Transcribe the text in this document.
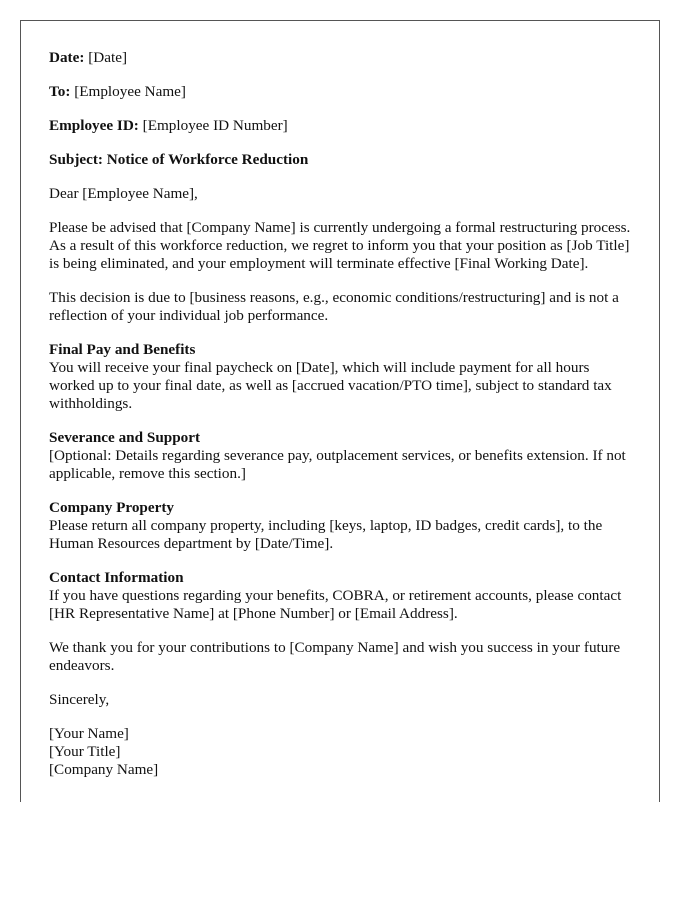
Date: [Date]

To: [Employee Name]

Employee ID: [Employee ID Number]

Subject: Notice of Workforce Reduction

Dear [Employee Name],

Please be advised that [Company Name] is currently undergoing a formal restructuring process. As a result of this workforce reduction, we regret to inform you that your position as [Job Title] is being eliminated, and your employment will terminate effective [Final Working Date].

This decision is due to [business reasons, e.g., economic conditions/restructuring] and is not a reflection of your individual job performance.

Final Pay and Benefits
You will receive your final paycheck on [Date], which will include payment for all hours worked up to your final date, as well as [accrued vacation/PTO time], subject to standard tax withholdings.

Severance and Support
[Optional: Details regarding severance pay, outplacement services, or benefits extension. If not applicable, remove this section.]

Company Property
Please return all company property, including [keys, laptop, ID badges, credit cards], to the Human Resources department by [Date/Time].

Contact Information
If you have questions regarding your benefits, COBRA, or retirement accounts, please contact [HR Representative Name] at [Phone Number] or [Email Address].

We thank you for your contributions to [Company Name] and wish you success in your future endeavors.

Sincerely,

[Your Name]
[Your Title]
[Company Name]
